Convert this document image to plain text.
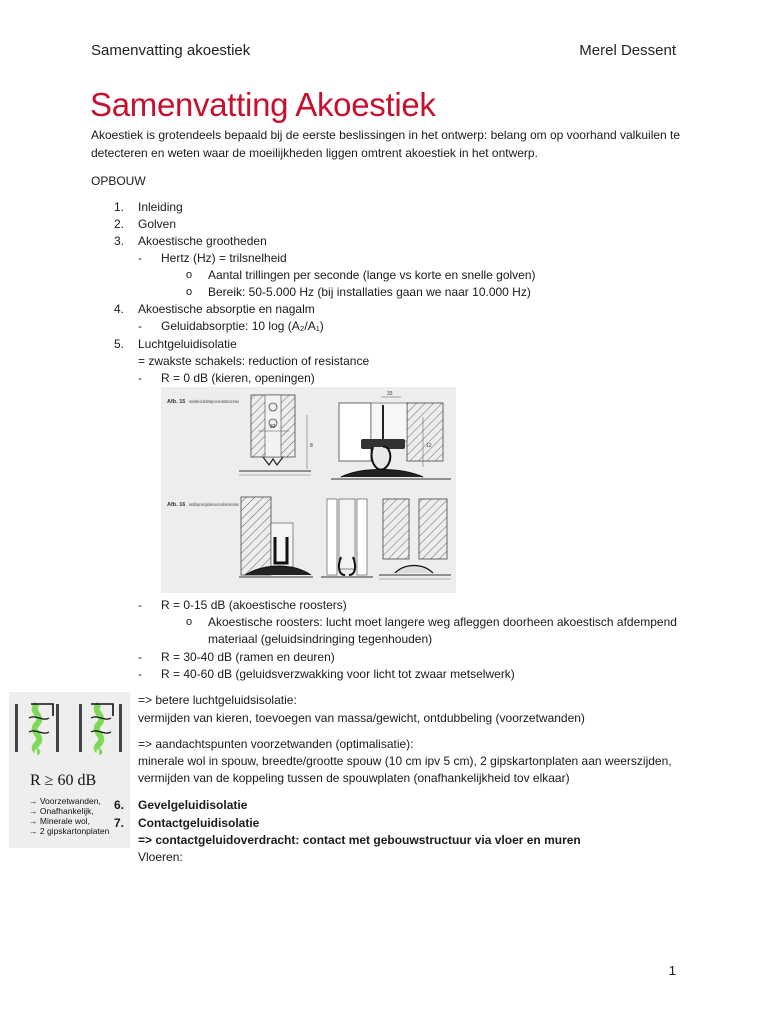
Samenvatting akoestiek	Merel Dessent
Samenvatting Akoestiek

Akoestiek is grotendeels bepaald bij de eerste beslissingen in het ontwerp: belang om op voorhand valkuilen te detecteren en weten waar de moeilijkheden liggen omtrent akoestiek in het ontwerp.

OPBOUW
1. Inleiding
2. Golven
3. Akoestische grootheden
- Hertz (Hz) = trilsnelheid
o Aantal trillingen per seconde (lange vs korte en snelle golven)
o Bereik: 50-5.000 Hz (bij installaties gaan we naar 10.000 Hz)
4. Akoestische absorptie en nagalm
- Geluidabsorptie: 10 log (A₂/A₁)
5. Luchtgeluidisolatie
= zwakste schakels: reduction of resistance
- R = 0 dB (kieren, openingen)
Afb. 15 Voorbeelden van kierdichtingen aan de onderkant van de deur.
Afb. 16 Kierdichtingen met lipprofielen aan de onderkant van de deur.
8
32
33
12
- R = 0-15 dB (akoestische roosters)
o Akoestische roosters: lucht moet langere weg afleggen doorheen akoestisch afdempend
materiaal (geluidsindringing tegenhouden)
- R = 30-40 dB (ramen en deuren)
- R = 40-60 dB (geluidsverzwakking voor licht tot zwaar metselwerk)
R ≥ 60 dB
→ Voorzetwanden,
→ Onafhankelijk,
→ Minerale wol,
→ 2 gipskartonplaten
=> betere luchtgeluidsisolatie:
vermijden van kieren, toevoegen van massa/gewicht, ontdubbeling (voorzetwanden)
=> aandachtspunten voorzetwanden (optimalisatie):
minerale wol in spouw, breedte/grootte spouw (10 cm ipv 5 cm), 2 gipskartonplaten aan weerszijden,
vermijden van de koppeling tussen de spouwplaten (onafhankelijkheid tov elkaar)
6. Gevelgeluidisolatie
7. Contactgeluidisolatie
=> contactgeluidoverdracht: contact met gebouwstructuur via vloer en muren
Vloeren:
1
